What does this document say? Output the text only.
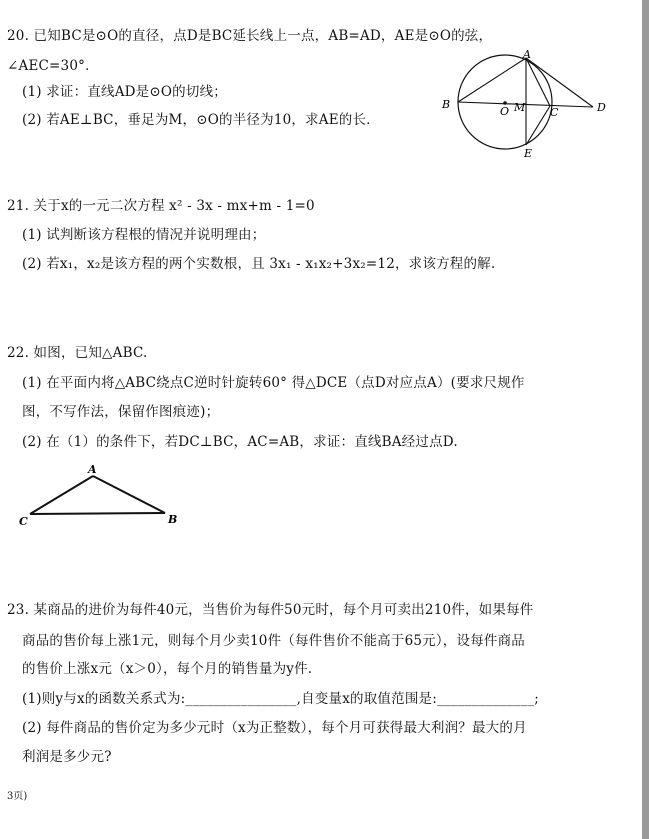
20. 已知BC是⊙O的直径，点D是BC延长线上一点，AB=AD，AE是⊙O的弦，
∠AEC=30°．
(1) 求证：直线AD是⊙O的切线；
(2) 若AE⊥BC，垂足为M，⊙O的半径为10，求AE的长．
A
B
O M C	D
E
21. 关于x的一元二次方程 x² - 3x - mx+m - 1=0
(1) 试判断该方程根的情况并说明理由；
(2) 若x₁，x₂是该方程的两个实数根，且 3x₁ - x₁x₂+3x₂=12，求该方程的解.
22. 如图，已知△ABC.
(1) 在平面内将△ABC绕点C逆时针旋转60° 得△DCE（点D对应点A）(要求尺规作
图，不写作法，保留作图痕迹)；
(2) 在（1）的条件下，若DC⊥BC，AC=AB，求证：直线BA经过点D.
A
C	B
23. 某商品的进价为每件40元，当售价为每件50元时，每个月可卖出210件，如果每件
商品的售价每上涨1元，则每个月少卖10件（每件售价不能高于65元），设每件商品
的售价上涨x元（x＞0），每个月的销售量为y件.
(1)则y与x的函数关系式为:________________,自变量x的取值范围是:______________;
(2) 每件商品的售价定为多少元时（x为正整数），每个月可获得最大利润？最大的月
利润是多少元?
3页)
